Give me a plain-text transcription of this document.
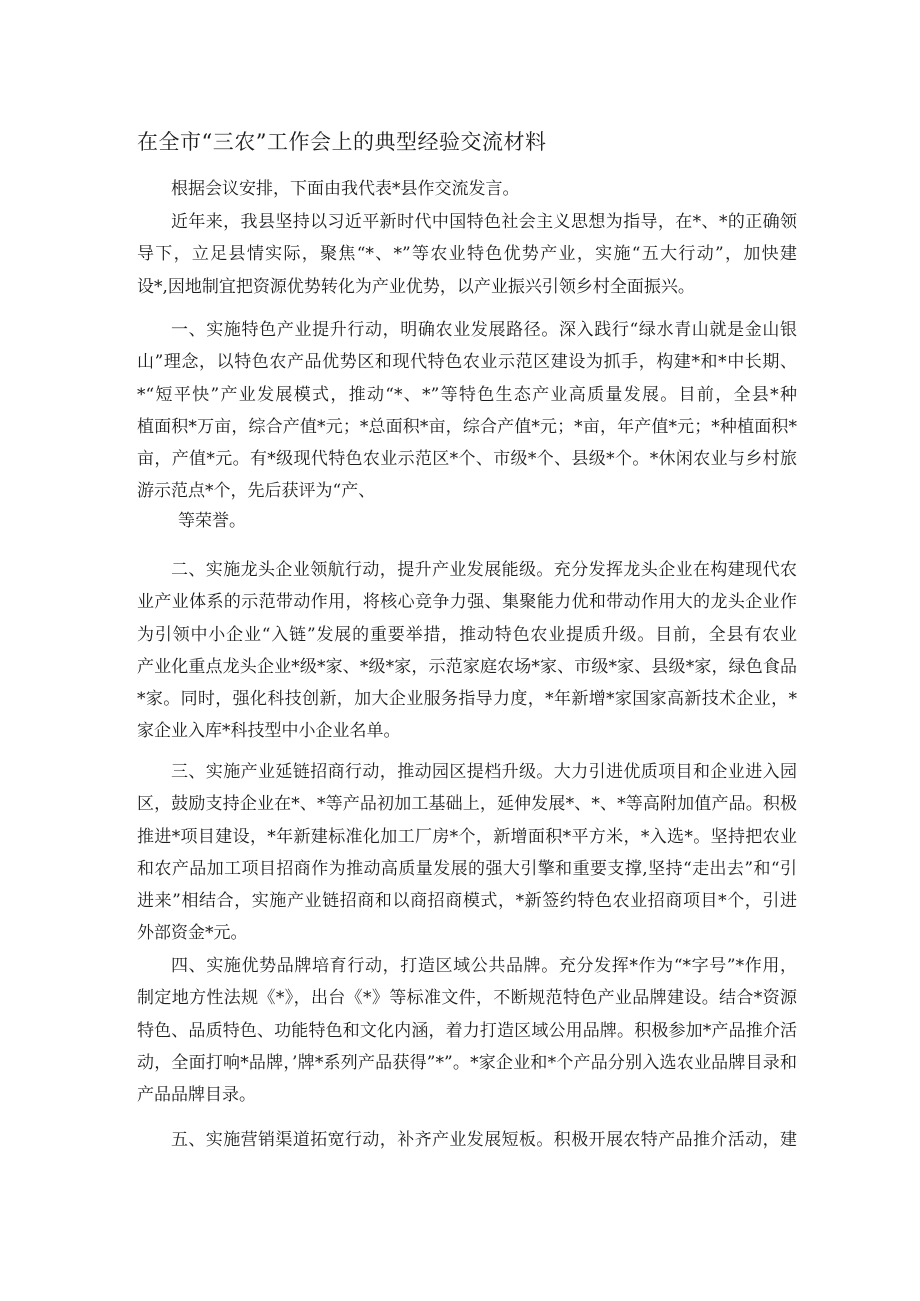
在全市“三农”工作会上的典型经验交流材料

根据会议安排，下面由我代表*县作交流发言。

近年来，我县坚持以习近平新时代中国特色社会主义思想为指导，在*、*的正确领
导下，立足县情实际，聚焦“*、*”等农业特色优势产业，实施“五大行动”，加快建
设*,因地制宜把资源优势转化为产业优势，以产业振兴引领乡村全面振兴。

一、实施特色产业提升行动，明确农业发展路径。深入践行“绿水青山就是金山银
山”理念，以特色农产品优势区和现代特色农业示范区建设为抓手，构建*和*中长期、
*“短平快”产业发展模式，推动“*、*”等特色生态产业高质量发展。目前，全县*种
植面积*万亩，综合产值*元；*总面积*亩，综合产值*元；*亩，年产值*元；*种植面积*
亩，产值*元。有*级现代特色农业示范区*个、市级*个、县级*个。*休闲农业与乡村旅
游示范点*个，先后获评为“产、

等荣誉。

二、实施龙头企业领航行动，提升产业发展能级。充分发挥龙头企业在构建现代农
业产业体系的示范带动作用，将核心竞争力强、集聚能力优和带动作用大的龙头企业作
为引领中小企业“入链”发展的重要举措，推动特色农业提质升级。目前，全县有农业
产业化重点龙头企业*级*家、*级*家，示范家庭农场*家、市级*家、县级*家，绿色食品
*家。同时，强化科技创新，加大企业服务指导力度，*年新增*家国家高新技术企业，*
家企业入库*科技型中小企业名单。

三、实施产业延链招商行动，推动园区提档升级。大力引进优质项目和企业进入园
区，鼓励支持企业在*、*等产品初加工基础上，延伸发展*、*、*等高附加值产品。积极
推进*项目建设，*年新建标准化加工厂房*个，新增面积*平方米，*入选*。坚持把农业
和农产品加工项目招商作为推动高质量发展的强大引擎和重要支撑,坚持“走出去”和“引
进来”相结合，实施产业链招商和以商招商模式，*新签约特色农业招商项目*个，引进
外部资金*元。

四、实施优势品牌培育行动，打造区域公共品牌。充分发挥*作为“*字号”*作用，
制定地方性法规《*》，出台《*》等标准文件，不断规范特色产业品牌建设。结合*资源
特色、品质特色、功能特色和文化内涵，着力打造区域公用品牌。积极参加*产品推介活
动，全面打响*品牌，’牌*系列产品获得”*”。*家企业和*个产品分别入选农业品牌目录和
产品品牌目录。

五、实施营销渠道拓宽行动，补齐产业发展短板。积极开展农特产品推介活动，建
